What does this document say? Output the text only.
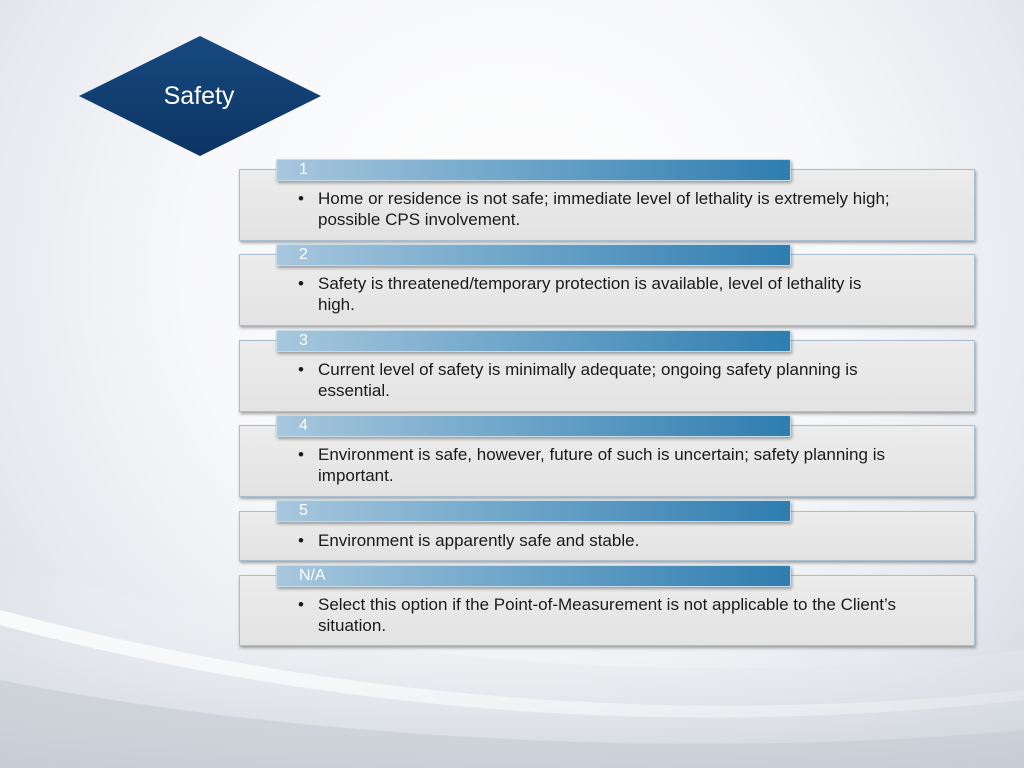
Safety
• Home or residence is not safe; immediate level of lethality is extremely high; possible CPS involvement.
1
• Safety is threatened/temporary protection is available, level of lethality is high.
2
• Current level of safety is minimally adequate; ongoing safety planning is essential.
3
• Environment is safe, however, future of such is uncertain; safety planning is important.
4
• Environment is apparently safe and stable.
5
• Select this option if the Point-of-Measurement is not applicable to the Client’s situation.
N/A
